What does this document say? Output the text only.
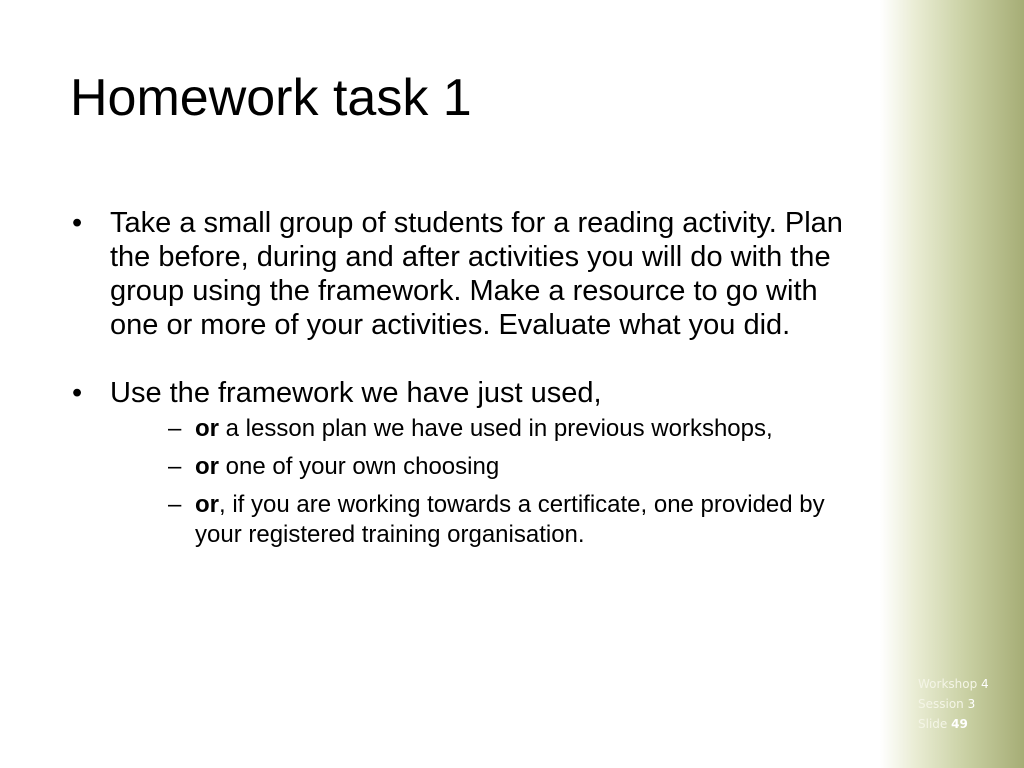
Homework task 1
• Take a small group of students for a reading activity. Plan the before, during and after activities you will do with the group using the framework. Make a resource to go with one or more of your activities. Evaluate what you did.
• Use the framework we have just used,
– or a lesson plan we have used in previous workshops,
– or one of your own choosing
– or, if you are working towards a certificate, one provided by your registered training organisation.
Workshop 4
Session 3
Slide 49
